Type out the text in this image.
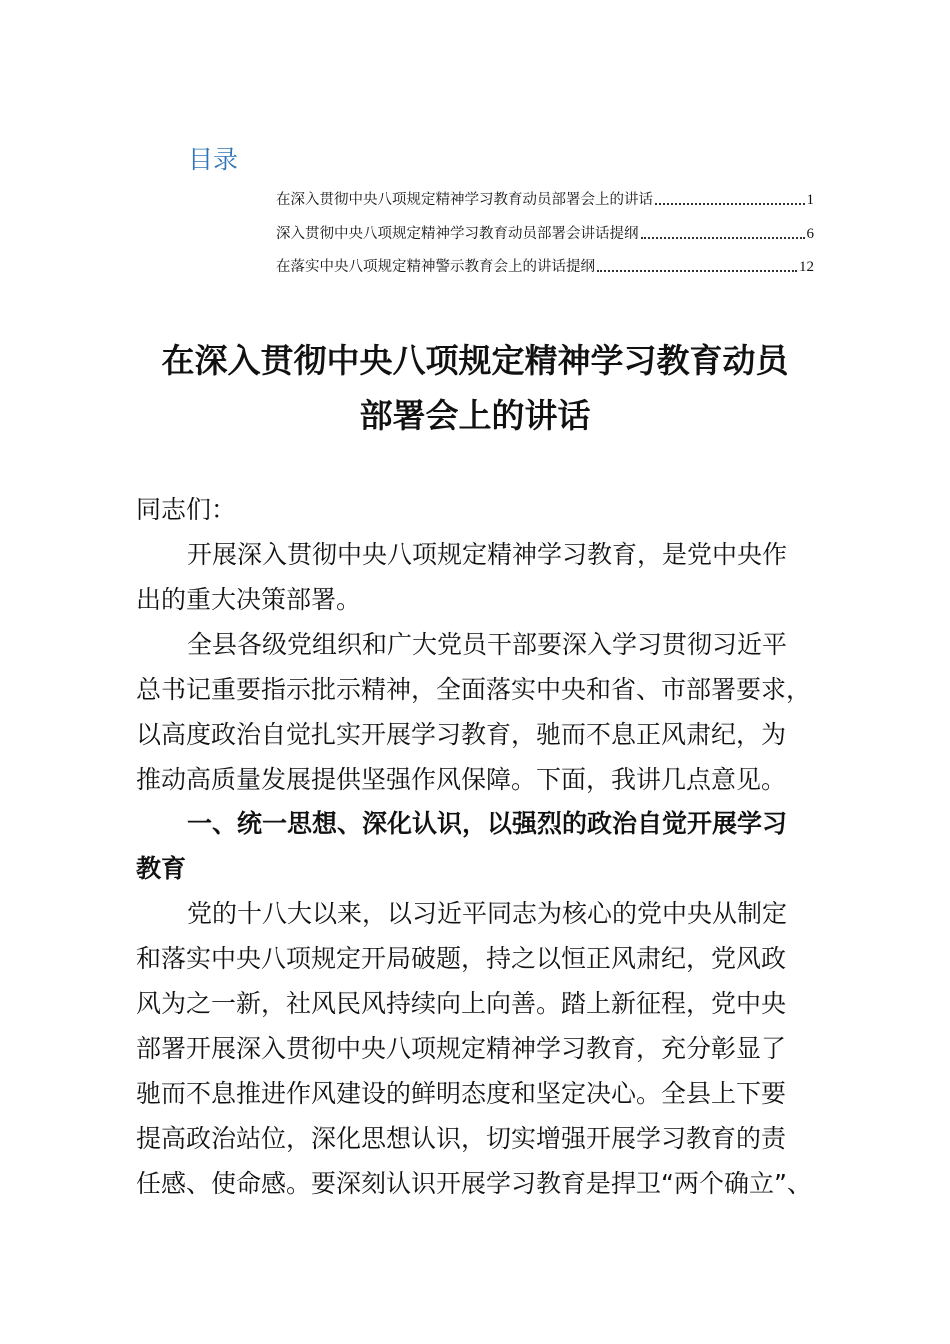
目录
在深入贯彻中央八项规定精神学习教育动员部署会上的讲话	1
深入贯彻中央八项规定精神学习教育动员部署会讲话提纲	6
在落实中央八项规定精神警示教育会上的讲话提纲	12
在深入贯彻中央八项规定精神学习教育动员
部署会上的讲话
同志们：
开展深入贯彻中央八项规定精神学习教育，是党中央作
出的重大决策部署。
全县各级党组织和广大党员干部要深入学习贯彻习近平
总书记重要指示批示精神，全面落实中央和省、市部署要求，
以高度政治自觉扎实开展学习教育，驰而不息正风肃纪，为
推动高质量发展提供坚强作风保障。下面，我讲几点意见。
一、统一思想、深化认识，以强烈的政治自觉开展学习
教育
党的十八大以来，以习近平同志为核心的党中央从制定
和落实中央八项规定开局破题，持之以恒正风肃纪，党风政
风为之一新，社风民风持续向上向善。踏上新征程，党中央
部署开展深入贯彻中央八项规定精神学习教育，充分彰显了
驰而不息推进作风建设的鲜明态度和坚定决心。全县上下要
提高政治站位，深化思想认识，切实增强开展学习教育的责
任感、使命感。要深刻认识开展学习教育是捍卫“两个确立”、
